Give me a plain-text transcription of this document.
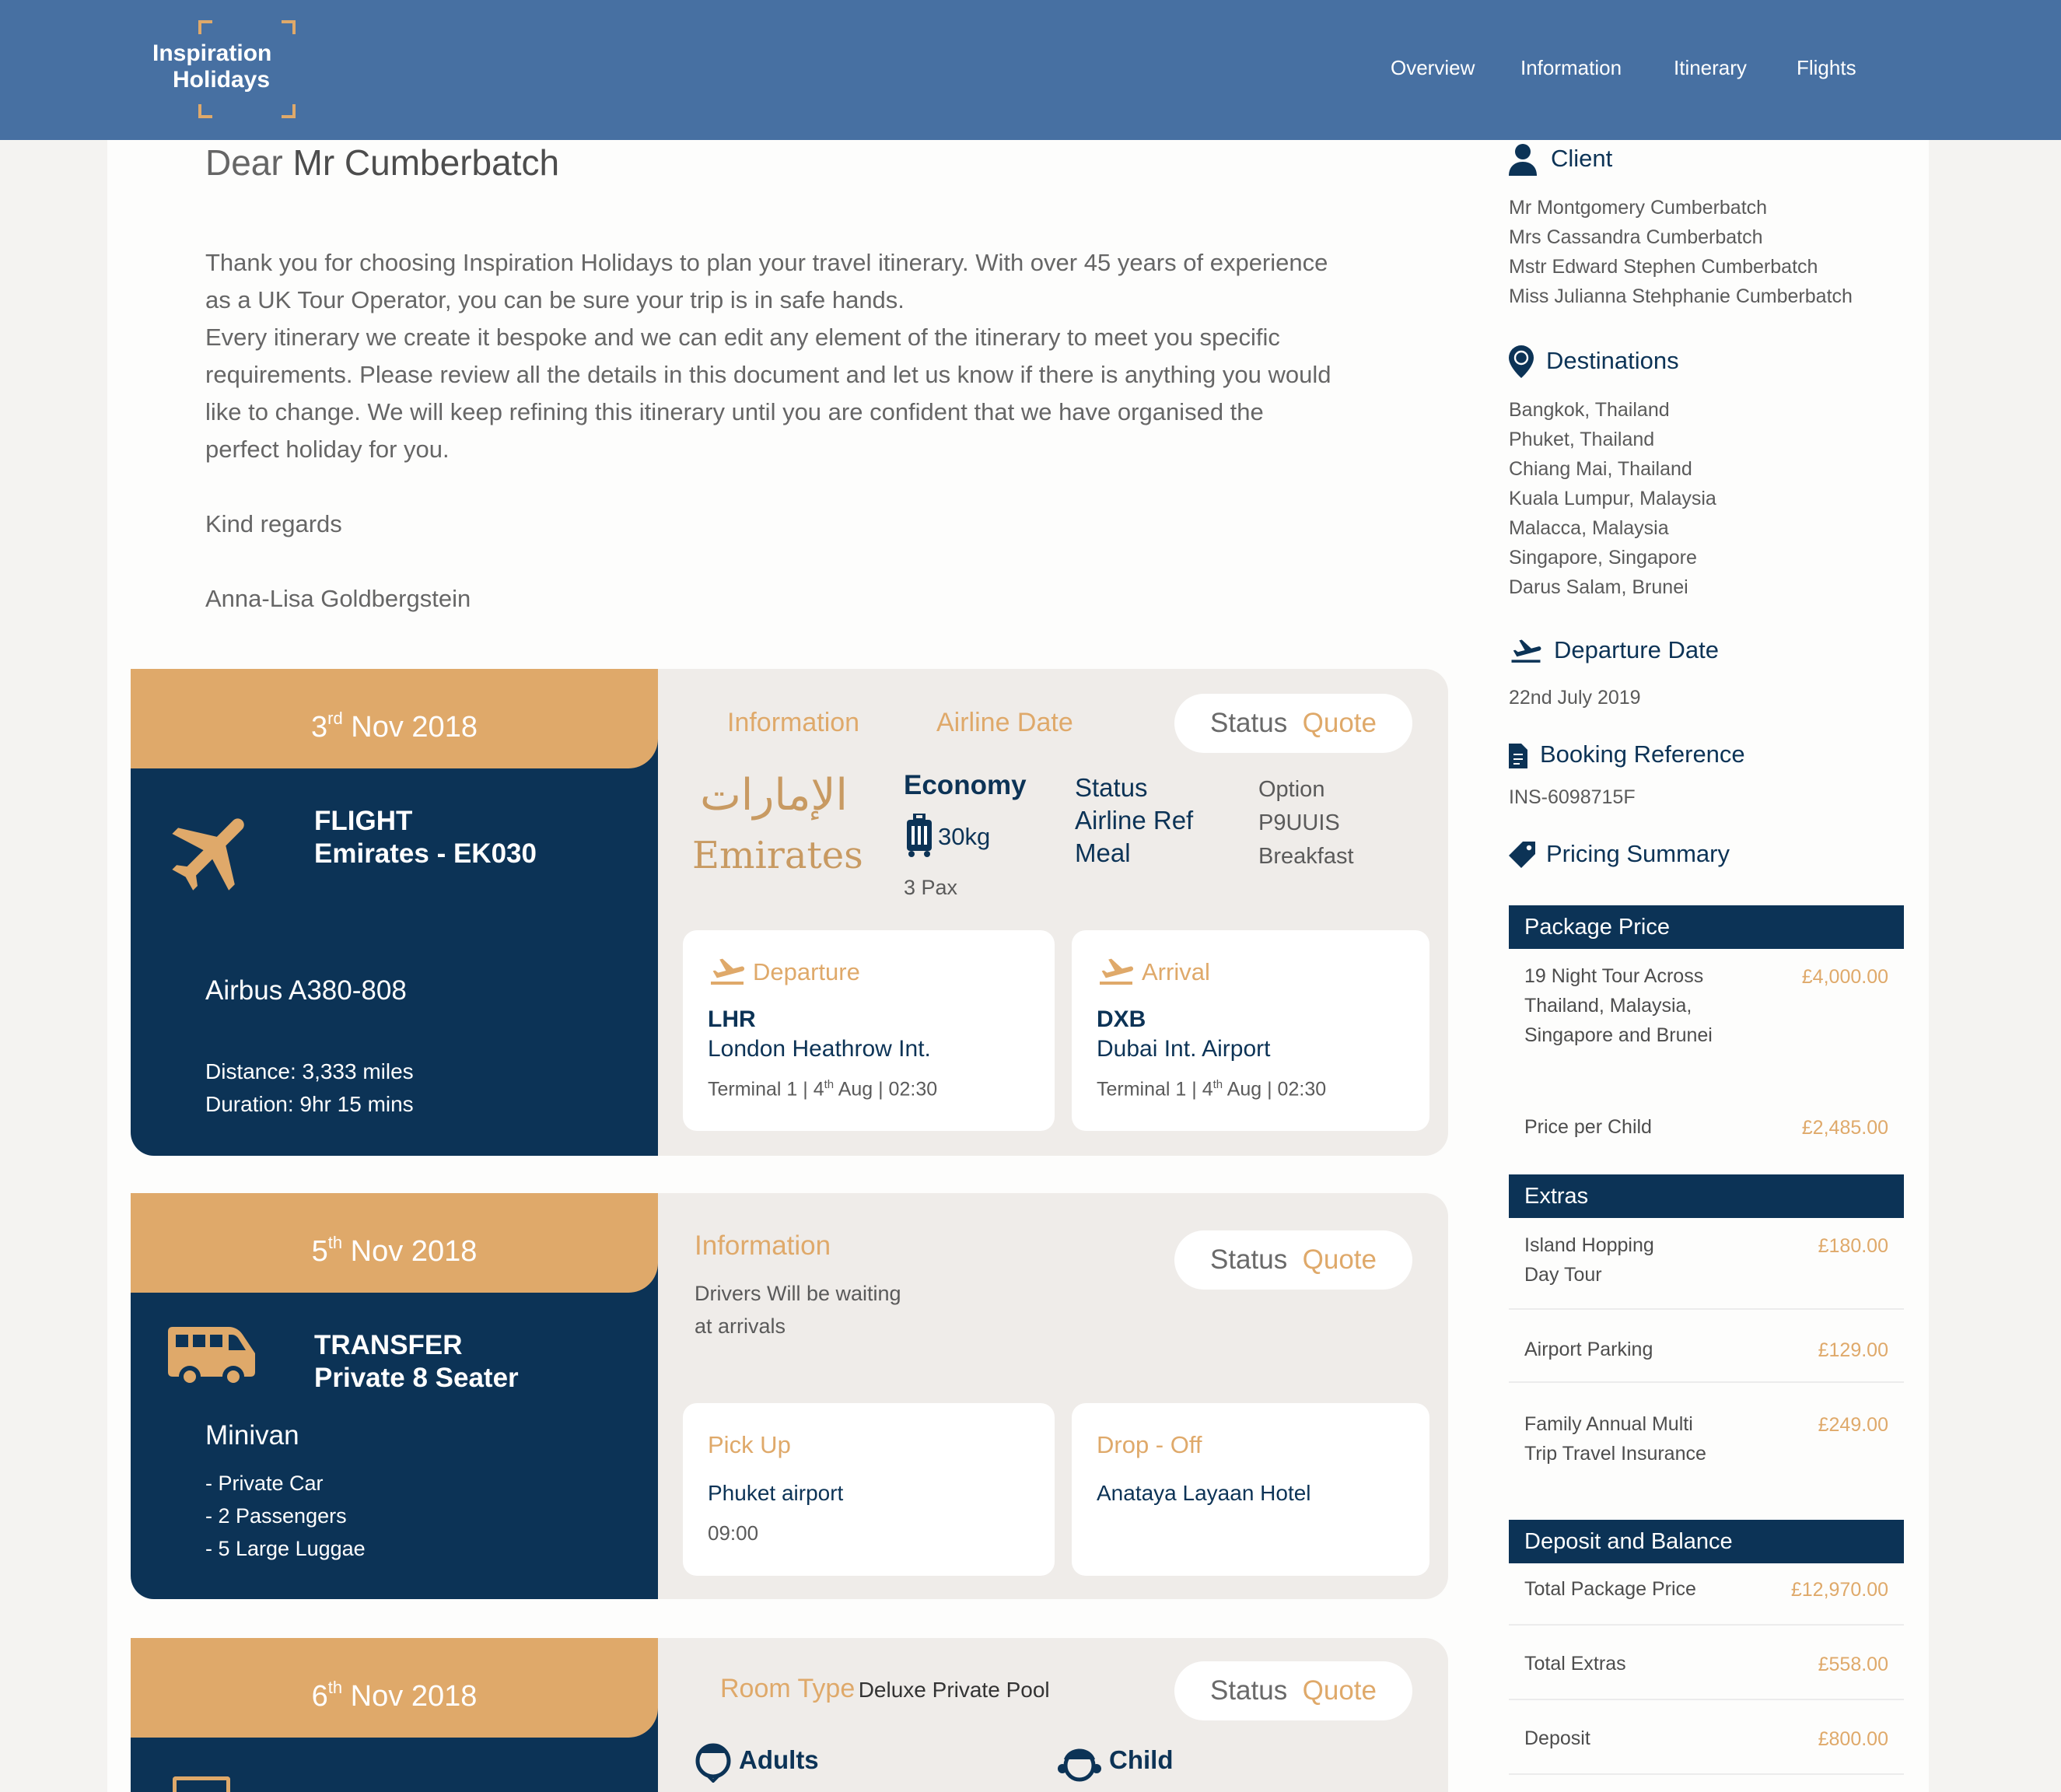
Inspiration
Holidays	Overview Information	Itinerary Flights
Dear Mr Cumberbatch
Thank you for choosing Inspiration Holidays to plan your travel itinerary. With over 45 years of experience
as a UK Tour Operator, you can be sure your trip is in safe hands.
Every itinerary we create it bespoke and we can edit any element of the itinerary to meet you specific
requirements. Please review all the details in this document and let us know if there is anything you would
like to change. We will keep refining this itinerary until you are confident that we have organised the
perfect holiday for you.
Kind regards
Anna-Lisa Goldbergstein
3rd Nov 2018
FLIGHT
Emirates - EK030
Airbus A380-808
Distance: 3,333 miles
Duration: 9hr 15 mins
Information	Airline Date	Status Quote
الإمارات
Emirates
Economy
30kg
3 Pax
Status
Airline Ref
Meal
Option
P9UUIS
Breakfast
Departure
LHR
London Heathrow Int.
Terminal 1 | 4th Aug | 02:30
Arrival
DXB
Dubai Int. Airport
Terminal 1 | 4th Aug | 02:30
5th Nov 2018
TRANSFER
Private 8 Seater
Minivan
- Private Car
- 2 Passengers
- 5 Large Luggae
Information
Drivers Will be waiting
at arrivals
Status Quote
Pick Up
Phuket airport
09:00
Drop - Off
Anataya Layaan Hotel
6th Nov 2018	Room Type Deluxe Private Pool	Status Quote
Adults	Child
Client
Mr Montgomery Cumberbatch
Mrs Cassandra Cumberbatch
Mstr Edward Stephen Cumberbatch
Miss Julianna Stehphanie Cumberbatch
Destinations
Bangkok, Thailand
Phuket, Thailand
Chiang Mai, Thailand
Kuala Lumpur, Malaysia
Malacca, Malaysia
Singapore, Singapore
Darus Salam, Brunei
Departure Date
22nd July 2019
Booking Reference
INS-6098715F
Pricing Summary
Package Price
19 Night Tour Across
Thailand, Malaysia,
Singapore and Brunei
£4,000.00
Price per Child	£2,485.00
Extras
Island Hopping
Day Tour
£180.00
Airport Parking	£129.00
Family Annual Multi
Trip Travel Insurance
£249.00
Deposit and Balance
Total Package Price	£12,970.00
Total Extras	£558.00
Deposit	£800.00
